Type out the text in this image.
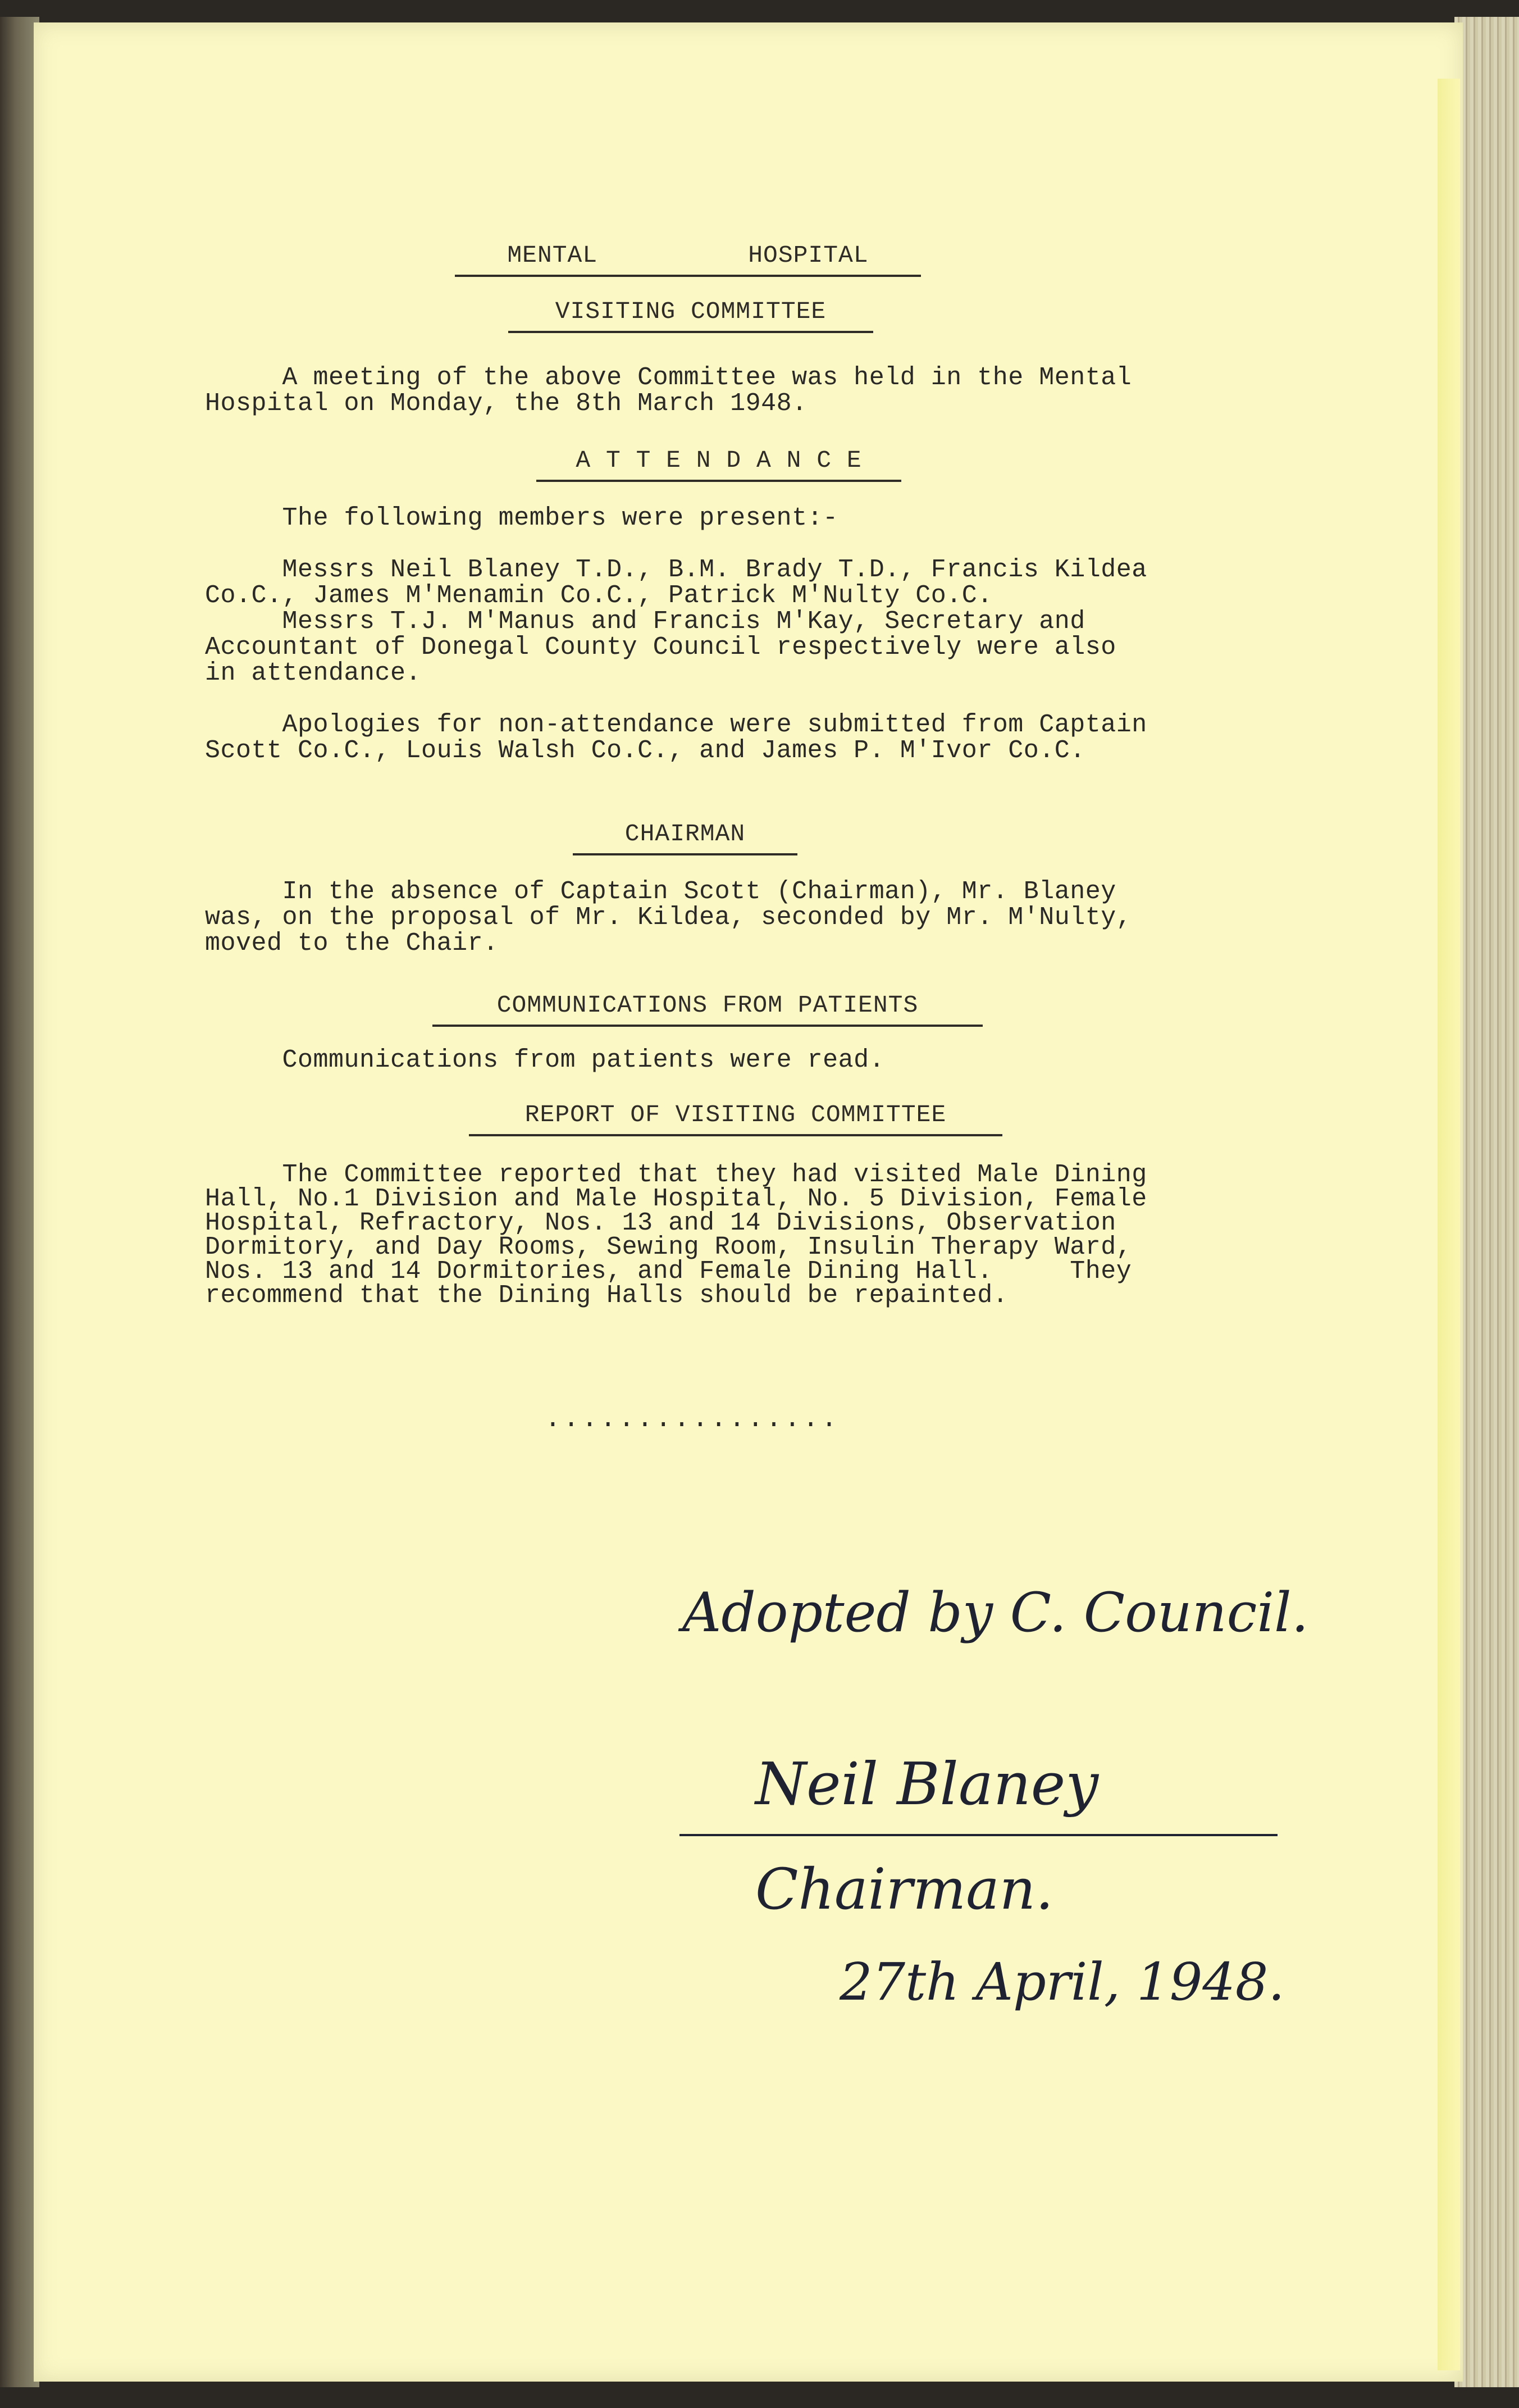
MENTAL          HOSPITAL
VISITING COMMITTEE
A meeting of the above Committee was held in the Mental
Hospital on Monday, the 8th March 1948.
A T T E N D A N C E
The following members were present:-

Messrs Neil Blaney T.D., B.M. Brady T.D., Francis Kildea
Co.C., James M'Menamin Co.C., Patrick M'Nulty Co.C.
Messrs T.J. M'Manus and Francis M'Kay, Secretary and
Accountant of Donegal County Council respectively were also
in attendance.

Apologies for non-attendance were submitted from Captain
Scott Co.C., Louis Walsh Co.C., and James P. M'Ivor Co.C.
CHAIRMAN
In the absence of Captain Scott (Chairman), Mr. Blaney
was, on the proposal of Mr. Kildea, seconded by Mr. M'Nulty,
moved to the Chair.
COMMUNICATIONS FROM PATIENTS
Communications from patients were read.
REPORT OF VISITING COMMITTEE
The Committee reported that they had visited Male Dining
Hall, No.1 Division and Male Hospital, No. 5 Division, Female
Hospital, Refractory, Nos. 13 and 14 Divisions, Observation
Dormitory, and Day Rooms, Sewing Room, Insulin Therapy Ward,
Nos. 13 and 14 Dormitories, and Female Dining Hall.     They
recommend that the Dining Halls should be repainted.
................
Adopted by C. Council.
Neil Blaney
Chairman.
27th April, 1948.
